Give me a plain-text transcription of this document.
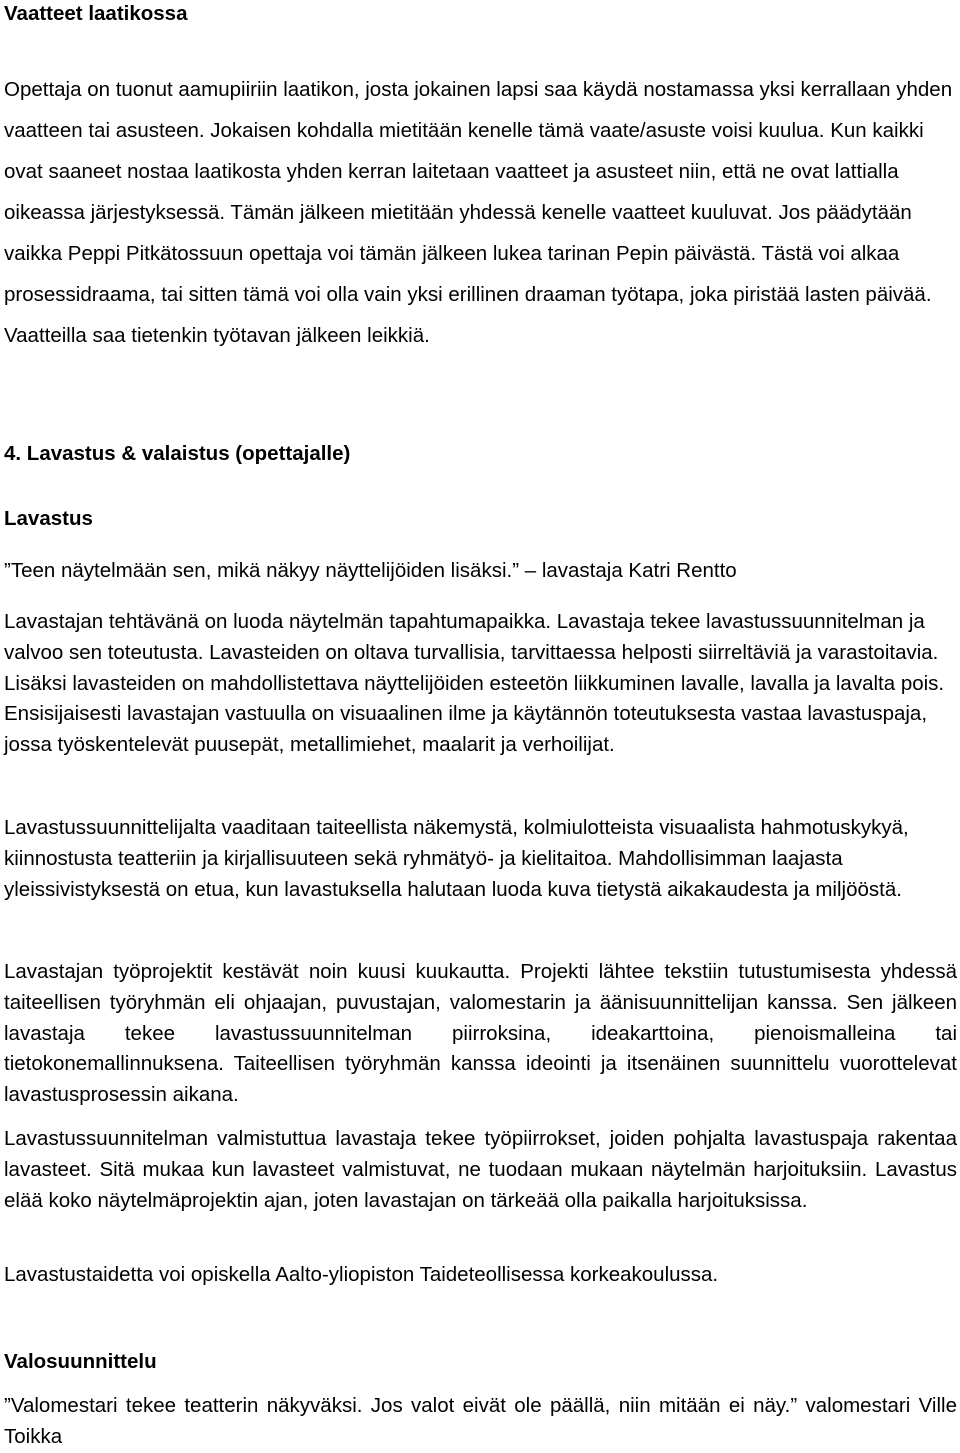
Vaatteet laatikossa

Opettaja on tuonut aamupiiriin laatikon, josta jokainen lapsi saa käydä nostamassa yksi kerrallaan yhden vaatteen tai asusteen. Jokaisen kohdalla mietitään kenelle tämä vaate/asuste voisi kuulua. Kun kaikki ovat saaneet nostaa laatikosta yhden kerran laitetaan vaatteet ja asusteet niin, että ne ovat lattialla oikeassa järjestyksessä. Tämän jälkeen mietitään yhdessä kenelle vaatteet kuuluvat. Jos päädytään vaikka Peppi Pitkätossuun opettaja voi tämän jälkeen lukea tarinan Pepin päivästä. Tästä voi alkaa prosessidraama, tai sitten tämä voi olla vain yksi erillinen draaman työtapa, joka piristää lasten päivää. Vaatteilla saa tietenkin työtavan jälkeen leikkiä.

4. Lavastus & valaistus (opettajalle)
Lavastus

”Teen näytelmään sen, mikä näkyy näyttelijöiden lisäksi.” – lavastaja Katri Rentto

Lavastajan tehtävänä on luoda näytelmän tapahtumapaikka. Lavastaja tekee lavastussuunnitelman ja valvoo sen toteutusta. Lavasteiden on oltava turvallisia, tarvittaessa helposti siirreltäviä ja varastoitavia. Lisäksi lavasteiden on mahdollistettava näyttelijöiden esteetön liikkuminen lavalle, lavalla ja lavalta pois. Ensisijaisesti lavastajan vastuulla on visuaalinen ilme ja käytännön toteutuksesta vastaa lavastuspaja, jossa työskentelevät puusepät, metallimiehet, maalarit ja verhoilijat.

Lavastussuunnittelijalta vaaditaan taiteellista näkemystä, kolmiulotteista visuaalista hahmotuskykyä, kiinnostusta teatteriin ja kirjallisuuteen sekä ryhmätyö- ja kielitaitoa. Mahdollisimman laajasta yleissivistyksestä on etua, kun lavastuksella halutaan luoda kuva tietystä aikakaudesta ja miljööstä.

Lavastajan työprojektit kestävät noin kuusi kuukautta. Projekti lähtee tekstiin tutustumisesta yhdessä taiteellisen työryhmän eli ohjaajan, puvustajan, valomestarin ja äänisuunnittelijan kanssa. Sen jälkeen lavastaja tekee lavastussuunnitelman piirroksina, ideakarttoina, pienoismalleina tai tietokonemallinnuksena. Taiteellisen työryhmän kanssa ideointi ja itsenäinen suunnittelu vuorottelevat lavastusprosessin aikana.

Lavastussuunnitelman valmistuttua lavastaja tekee työpiirrokset, joiden pohjalta lavastuspaja rakentaa lavasteet. Sitä mukaa kun lavasteet valmistuvat, ne tuodaan mukaan näytelmän harjoituksiin. Lavastus elää koko näytelmäprojektin ajan, joten lavastajan on tärkeää olla paikalla harjoituksissa.

Lavastustaidetta voi opiskella Aalto-yliopiston Taideteollisessa korkeakoulussa.

Valosuunnittelu

”Valomestari tekee teatterin näkyväksi. Jos valot eivät ole päällä, niin mitään ei näy.” valomestari Ville Toikka
